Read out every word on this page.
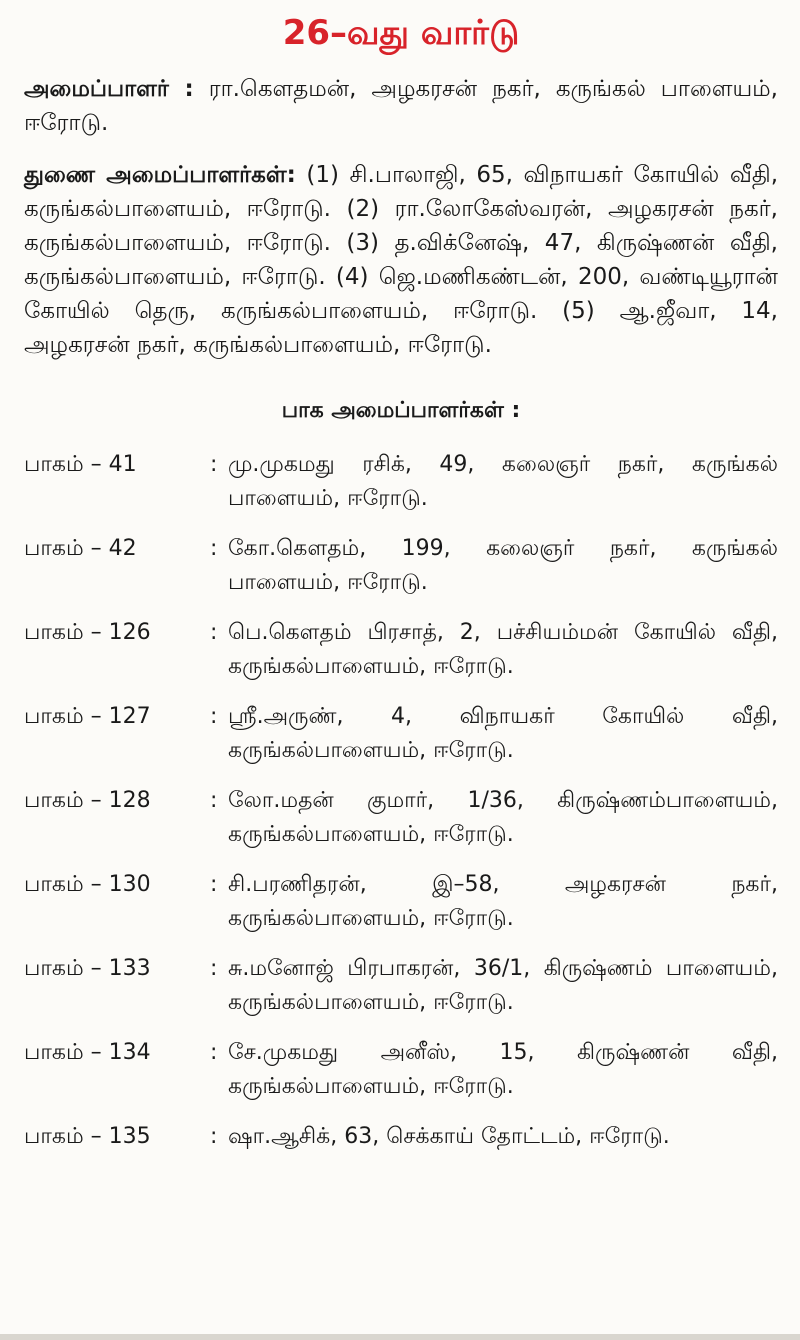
26–வது வார்டு

அமைப்பாளர் : ரா.கௌதமன், அழகரசன் நகர், கருங்கல் பாளையம், ஈரோடு.

துணை அமைப்பாளர்கள்: (1) சி.பாலாஜி, 65, விநாயகர் கோயில் வீதி, கருங்கல்பாளையம், ஈரோடு. (2) ரா.லோகேஸ்வரன், அழகரசன் நகர், கருங்கல்பாளையம், ஈரோடு. (3) த.விக்னேஷ், 47, கிருஷ்ணன் வீதி, கருங்கல்பாளையம், ஈரோடு. (4) ஜெ.மணிகண்டன், 200, வண்டியூரான் கோயில் தெரு, கருங்கல்பாளையம், ஈரோடு. (5) ஆ.ஜீவா, 14, அழகரசன் நகர், கருங்கல்பாளையம், ஈரோடு.

பாக அமைப்பாளர்கள் :
பாகம் – 41	: மு.முகமது ரசிக், 49, கலைஞர் நகர், கருங்கல் பாளையம், ஈரோடு.
பாகம் – 42	: கோ.கௌதம், 199, கலைஞர் நகர், கருங்கல் பாளையம், ஈரோடு.
பாகம் – 126	: பெ.கௌதம் பிரசாத், 2, பச்சியம்மன் கோயில் வீதி, கருங்கல்பாளையம், ஈரோடு.
பாகம் – 127	: ஸ்ரீ.அருண், 4, விநாயகர் கோயில் வீதி, கருங்கல்பாளையம், ஈரோடு.
பாகம் – 128	: லோ.மதன் குமார், 1/36, கிருஷ்ணம்பாளையம், கருங்கல்பாளையம், ஈரோடு.
பாகம் – 130	: சி.பரணிதரன், இ–58, அழகரசன் நகர், கருங்கல்பாளையம், ஈரோடு.
பாகம் – 133	: சு.மனோஜ் பிரபாகரன், 36/1, கிருஷ்ணம் பாளையம், கருங்கல்பாளையம், ஈரோடு.
பாகம் – 134	: சே.முகமது அனீஸ், 15, கிருஷ்ணன் வீதி, கருங்கல்பாளையம், ஈரோடு.
பாகம் – 135	: ஷா.ஆசிக், 63, செக்காய் தோட்டம், ஈரோடு.
